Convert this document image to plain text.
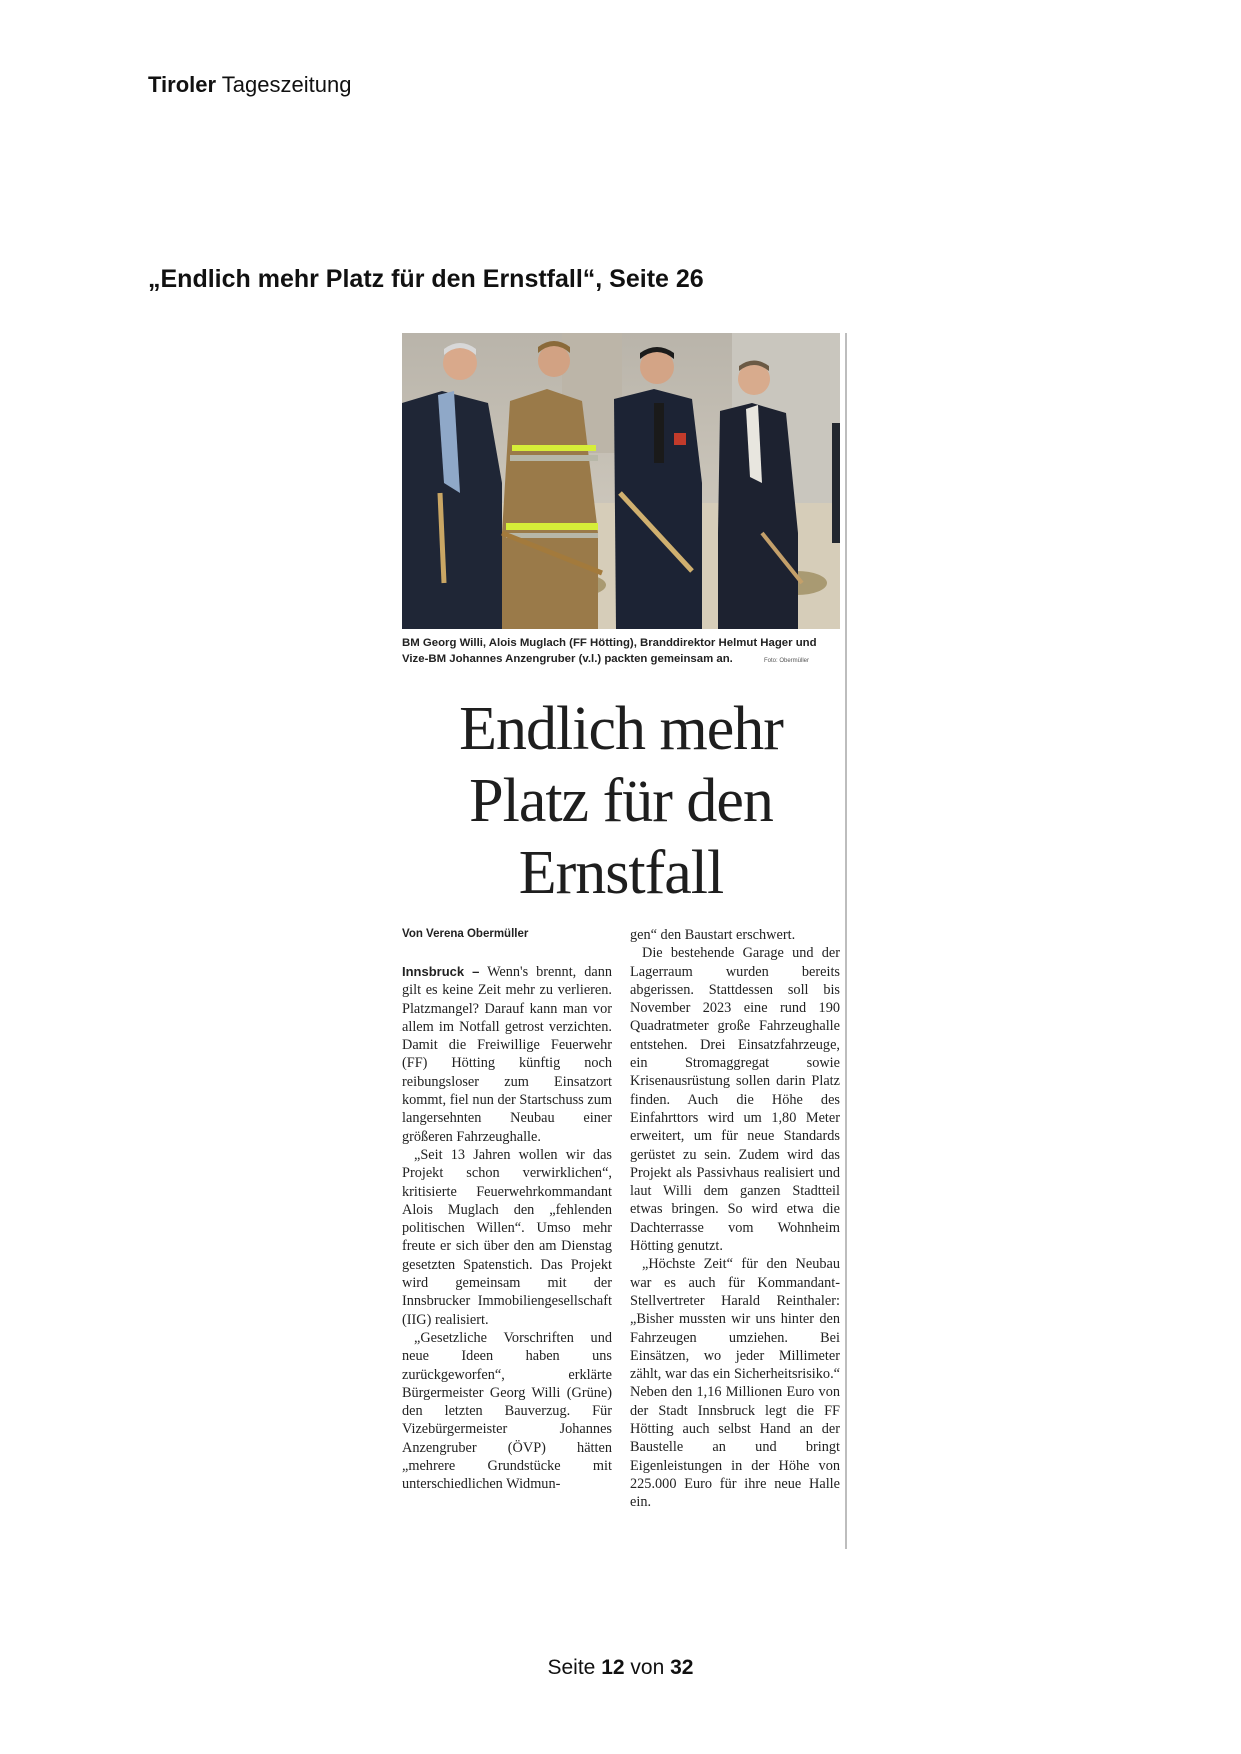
Tiroler Tageszeitung
„Endlich mehr Platz für den Ernstfall“, Seite 26
BM Georg Willi, Alois Muglach (FF Hötting), Branddirektor Helmut Hager und Vize-BM Johannes Anzengruber (v.l.) packten gemeinsam an.	Foto: Obermüller
Endlich mehr
Platz für den
Ernstfall
Von Verena Obermüller

Innsbruck – Wenn's brennt, dann gilt es keine Zeit mehr zu verlieren. Platzmangel? Darauf kann man vor allem im Notfall getrost verzichten. Damit die Freiwillige Feuerwehr (FF) Hötting künftig noch reibungsloser zum Einsatzort kommt, fiel nun der Startschuss zum langersehnten Neubau einer größeren Fahrzeughalle.

„Seit 13 Jahren wollen wir das Projekt schon verwirklichen“, kritisierte Feuerwehrkommandant Alois Muglach den „fehlenden politischen Willen“. Umso mehr freute er sich über den am Dienstag gesetzten Spatenstich. Das Projekt wird gemeinsam mit der Innsbrucker Immobiliengesellschaft (IIG) realisiert.

„Gesetzliche Vorschriften und neue Ideen haben uns zurückgeworfen“, erklärte Bürgermeister Georg Willi (Grüne) den letzten Bauverzug. Für Vizebürgermeister Johannes Anzengruber (ÖVP) hätten „mehrere Grundstücke mit unterschiedlichen Widmun-

gen“ den Baustart erschwert.

Die bestehende Garage und der Lagerraum wurden bereits abgerissen. Stattdessen soll bis November 2023 eine rund 190 Quadratmeter große Fahrzeughalle entstehen. Drei Einsatzfahrzeuge, ein Stromaggregat sowie Krisenausrüstung sollen darin Platz finden. Auch die Höhe des Einfahrttors wird um 1,80 Meter erweitert, um für neue Standards gerüstet zu sein. Zudem wird das Projekt als Passivhaus realisiert und laut Willi dem ganzen Stadtteil etwas bringen. So wird etwa die Dachterrasse vom Wohnheim Hötting genutzt.

„Höchste Zeit“ für den Neubau war es auch für Kommandant-Stellvertreter Harald Reinthaler: „Bisher mussten wir uns hinter den Fahrzeugen umziehen. Bei Einsätzen, wo jeder Millimeter zählt, war das ein Sicherheitsrisiko.“ Neben den 1,16 Millionen Euro von der Stadt Innsbruck legt die FF Hötting auch selbst Hand an der Baustelle an und bringt Eigenleistungen in der Höhe von 225.000 Euro für ihre neue Halle ein.

Seite 12 von 32
